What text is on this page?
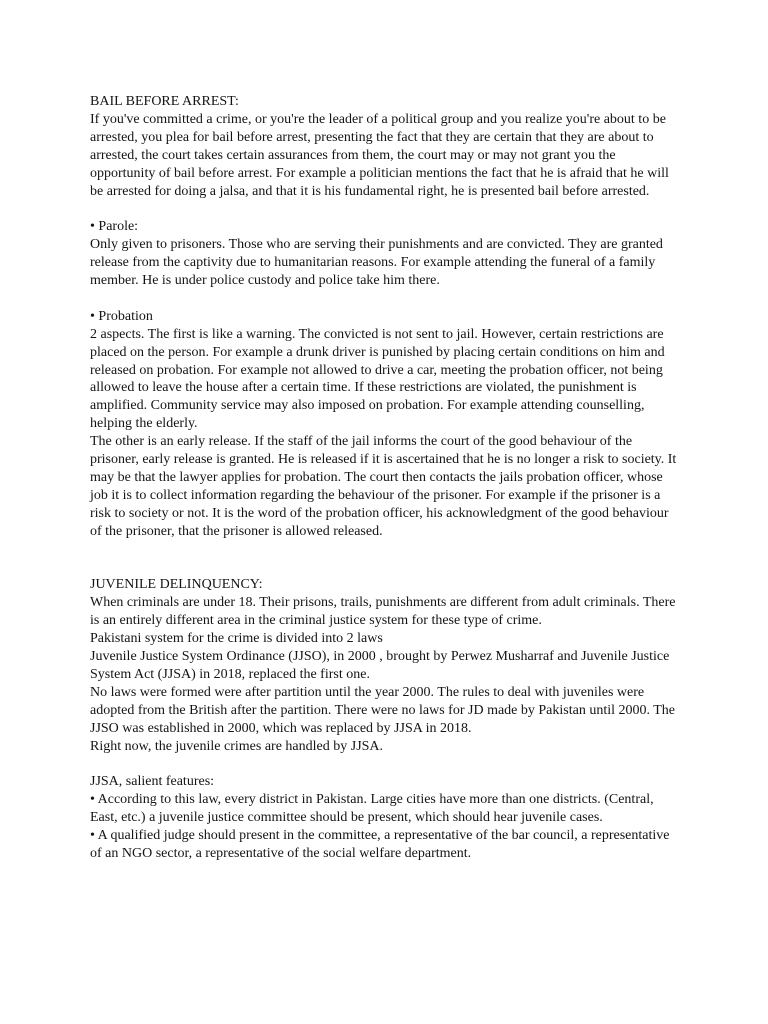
BAIL BEFORE ARREST:

If you've committed a crime, or you're the leader of a political group and you realize you're about to be arrested, you plea for bail before arrest, presenting the fact that they are certain that they are about to arrested, the court takes certain assurances from them, the court may or may not grant you the opportunity of bail before arrest. For example a politician mentions the fact that he is afraid that he will be arrested for doing a jalsa, and that it is his fundamental right, he is presented bail before arrested.

• Parole:

Only given to prisoners. Those who are serving their punishments and are convicted. They are granted release from the captivity due to humanitarian reasons. For example attending the funeral of a family member. He is under police custody and police take him there.

• Probation

2 aspects. The first is like a warning. The convicted is not sent to jail. However, certain restrictions are placed on the person. For example a drunk driver is punished by placing certain conditions on him and released on probation. For example not allowed to drive a car, meeting the probation officer, not being allowed to leave the house after a certain time. If these restrictions are violated, the punishment is amplified. Community service may also imposed on probation. For example attending counselling, helping the elderly.

The other is an early release. If the staff of the jail informs the court of the good behaviour of the prisoner, early release is granted. He is released if it is ascertained that he is no longer a risk to society. It may be that the lawyer applies for probation. The court then contacts the jails probation officer, whose job it is to collect information regarding the behaviour of the prisoner. For example if the prisoner is a risk to society or not. It is the word of the probation officer, his acknowledgment of the good behaviour of the prisoner, that the prisoner is allowed released.

JUVENILE DELINQUENCY:

When criminals are under 18. Their prisons, trails, punishments are different from adult criminals. There is an entirely different area in the criminal justice system for these type of crime.

Pakistani system for the crime is divided into 2 laws

Juvenile Justice System Ordinance (JJSO), in 2000 , brought by Perwez Musharraf and Juvenile Justice System Act (JJSA) in 2018, replaced the first one.

No laws were formed were after partition until the year 2000. The rules to deal with juveniles were adopted from the British after the partition. There were no laws for JD made by Pakistan until 2000. The JJSO was established in 2000, which was replaced by JJSA in 2018.

Right now, the juvenile crimes are handled by JJSA.

JJSA, salient features:

• According to this law, every district in Pakistan. Large cities have more than one districts. (Central, East, etc.) a juvenile justice committee should be present, which should hear juvenile cases.

• A qualified judge should present in the committee, a representative of the bar council, a representative of an NGO sector, a representative of the social welfare department.
